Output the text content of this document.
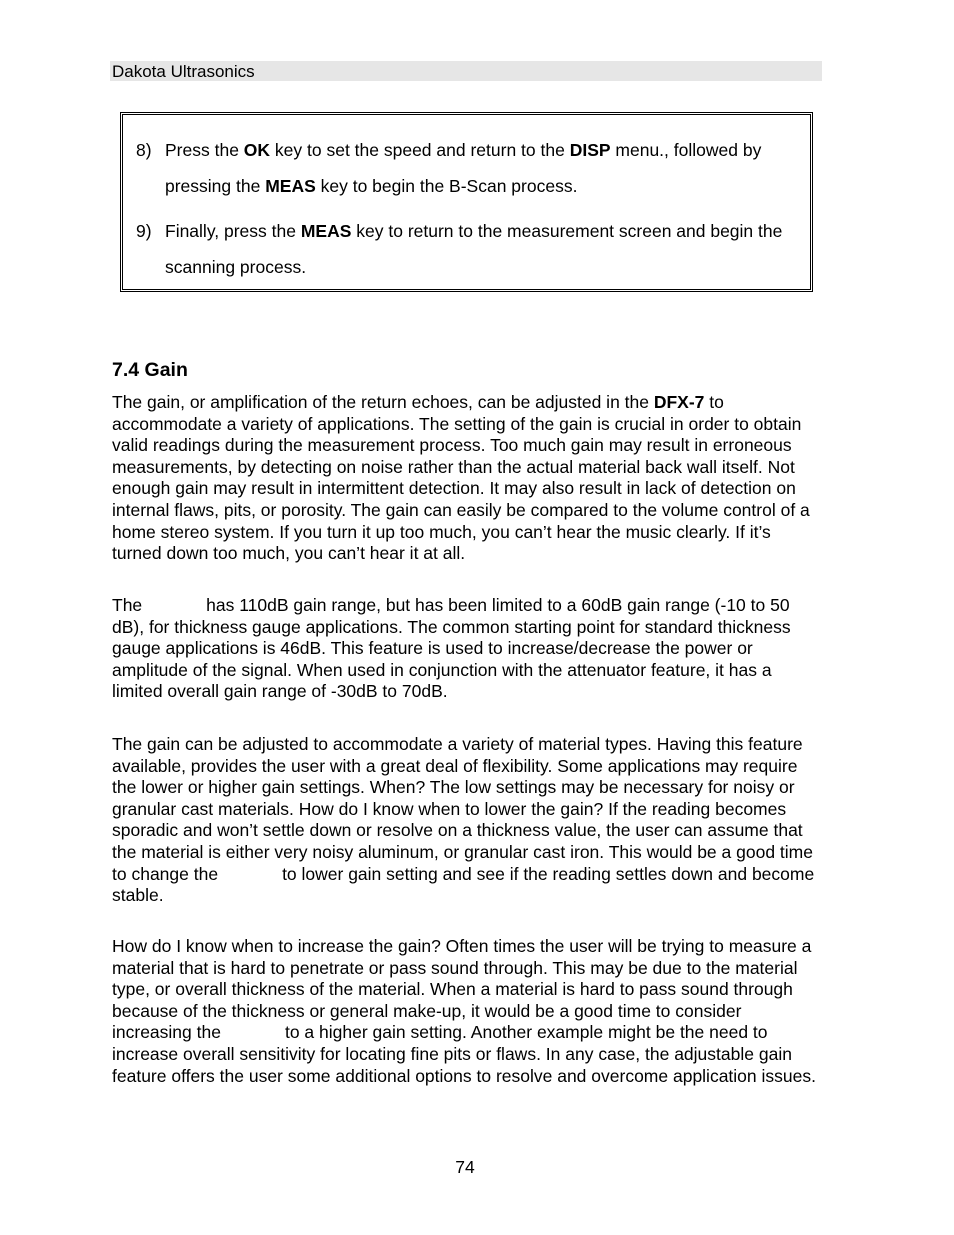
Dakota Ultrasonics
8) Press the OK key to set the speed and return to the DISP menu., followed by pressing the MEAS key to begin the B-Scan process.
9) Finally, press the MEAS key to return to the measurement screen and begin the scanning process.
7.4 Gain

The gain, or amplification of the return echoes, can be adjusted in the DFX-7 to accommodate a variety of applications. The setting of the gain is crucial in order to obtain valid readings during the measurement process. Too much gain may result in erroneous measurements, by detecting on noise rather than the actual material back wall itself. Not enough gain may result in intermittent detection. It may also result in lack of detection on internal flaws, pits, or porosity. The gain can easily be compared to the volume control of a home stereo system. If you turn it up too much, you can’t hear the music clearly. If it’s turned down too much, you can’t hear it at all.

The	has 110dB gain range, but has been limited to a 60dB gain range (-10 to 50 dB), for thickness gauge applications. The common starting point for standard thickness gauge applications is 46dB. This feature is used to increase/decrease the power or amplitude of the signal. When used in conjunction with the attenuator feature, it has a limited overall gain range of -30dB to 70dB.

The gain can be adjusted to accommodate a variety of material types. Having this feature available, provides the user with a great deal of flexibility. Some applications may require the lower or higher gain settings. When? The low settings may be necessary for noisy or granular cast materials. How do I know when to lower the gain? If the reading becomes sporadic and won’t settle down or resolve on a thickness value, the user can assume that the material is either very noisy aluminum, or granular cast iron. This would be a good time to change the	to lower gain setting and see if the reading settles down and become stable.

How do I know when to increase the gain? Often times the user will be trying to measure a material that is hard to penetrate or pass sound through. This may be due to the material type, or overall thickness of the material. When a material is hard to pass sound through because of the thickness or general make-up, it would be a good time to consider increasing the	to a higher gain setting. Another example might be the need to increase overall sensitivity for locating fine pits or flaws. In any case, the adjustable gain feature offers the user some additional options to resolve and overcome application issues.

74
